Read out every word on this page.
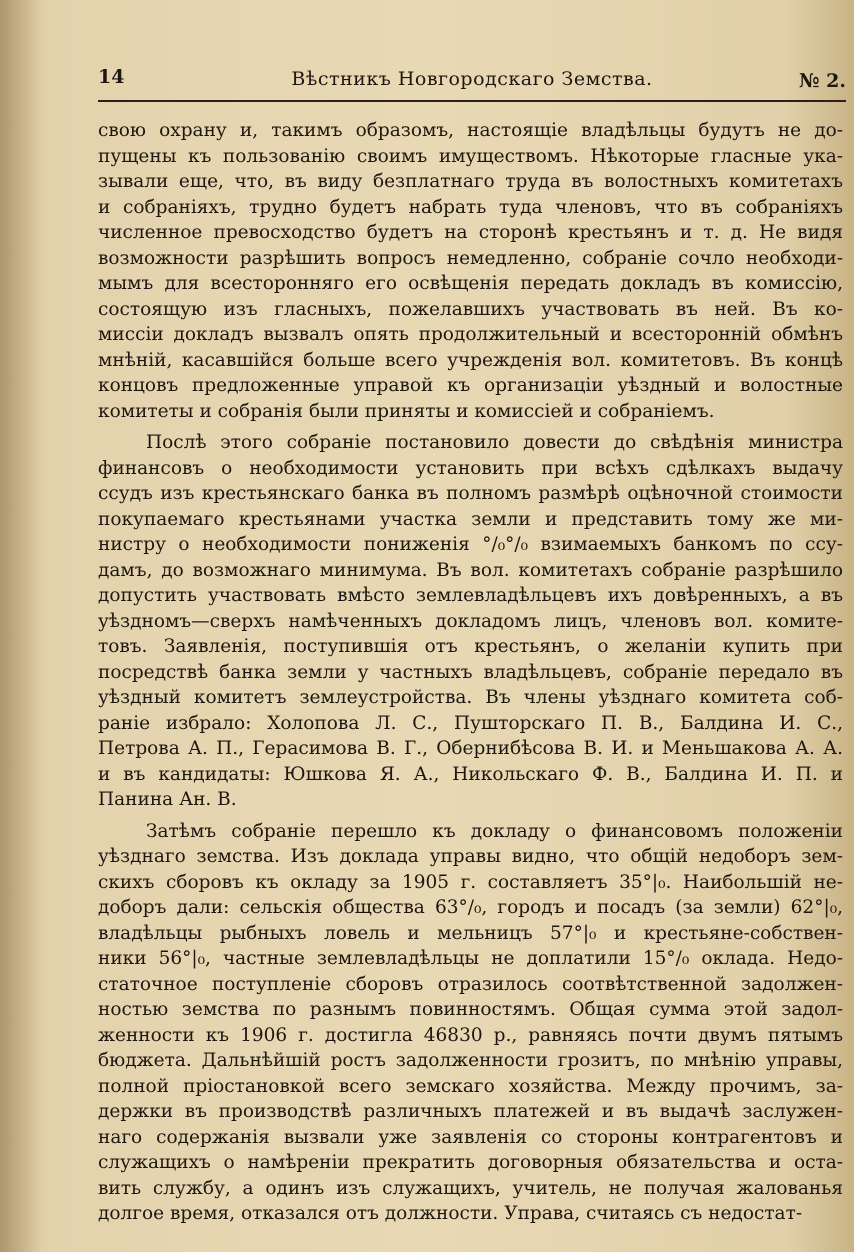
14	Вѣстникъ Новгородскаго Земства.	№ 2.
свою охрану и, такимъ образомъ, настоящіе владѣльцы будутъ не до-
пущены къ пользованію своимъ имуществомъ. Нѣкоторые гласные ука-
зывали еще, что, въ виду безплатнаго труда въ волостныхъ комитетахъ
и собраніяхъ, трудно будетъ набрать туда членовъ, что въ собраніяхъ
численное превосходство будетъ на сторонѣ крестьянъ и т. д. Не видя
возможности разрѣшить вопросъ немедленно, собраніе сочло необходи-
мымъ для всесторонняго его освѣщенія передать докладъ въ комиссію,
состоящую изъ гласныхъ, пожелавшихъ участвовать въ ней. Въ ко-
миссіи докладъ вызвалъ опять продолжительный и всесторонній обмѣнъ
мнѣній, касавшійся больше всего учрежденія вол. комитетовъ. Въ концѣ
концовъ предложенные управой къ организаціи уѣздный и волостные
комитеты и собранія были приняты и комиссіей и собраніемъ.
Послѣ этого собраніе постановило довести до свѣдѣнія министра
финансовъ о необходимости установить при всѣхъ сдѣлкахъ выдачу
ссудъ изъ крестьянскаго банка въ полномъ размѣрѣ оцѣночной стоимости
покупаемаго крестьянами участка земли и представить тому же ми-
нистру о необходимости пониженія °/₀°/₀ взимаемыхъ банкомъ по ссу-
дамъ, до возможнаго минимума. Въ вол. комитетахъ собраніе разрѣшило
допустить участвовать вмѣсто землевладѣльцевъ ихъ довѣренныхъ, а въ
уѣздномъ—сверхъ намѣченныхъ докладомъ лицъ, членовъ вол. комите-
товъ. Заявленія, поступившія отъ крестьянъ, о желаніи купить при
посредствѣ банка земли у частныхъ владѣльцевъ, собраніе передало въ
уѣздный комитетъ землеустройства. Въ члены уѣзднаго комитета соб-
раніе избрало: Холопова Л. С., Пушторскаго П. В., Балдина И. С.,
Петрова А. П., Герасимова В. Г., Обернибѣсова В. И. и Меньшакова А. А.
и въ кандидаты: Юшкова Я. А., Никольскаго Ф. В., Балдина И. П. и
Панина Ан. В.
Затѣмъ собраніе перешло къ докладу о финансовомъ положеніи
уѣзднаго земства. Изъ доклада управы видно, что общій недоборъ зем-
скихъ сборовъ къ окладу за 1905 г. составляетъ 35°|₀. Наибольшій не-
доборъ дали: сельскія общества 63°/₀, городъ и посадъ (за земли) 62°|₀,
владѣльцы рыбныхъ ловель и мельницъ 57°|₀ и крестьяне-собствен-
ники 56°|₀, частные землевладѣльцы не доплатили 15°/₀ оклада. Недо-
статочное поступленіе сборовъ отразилось соотвѣтственной задолжен-
ностью земства по разнымъ повинностямъ. Общая сумма этой задол-
женности къ 1906 г. достигла 46830 р., равняясь почти двумъ пятымъ
бюджета. Дальнѣйшій ростъ задолженности грозитъ, по мнѣнію управы,
полной пріостановкой всего земскаго хозяйства. Между прочимъ, за-
держки въ производствѣ различныхъ платежей и въ выдачѣ заслужен-
наго содержанія вызвали уже заявленія со стороны контрагентовъ и
служащихъ о намѣреніи прекратить договорныя обязательства и оста-
вить службу, а одинъ изъ служащихъ, учитель, не получая жалованья
долгое время, отказался отъ должности. Управа, считаясь съ недостат-
